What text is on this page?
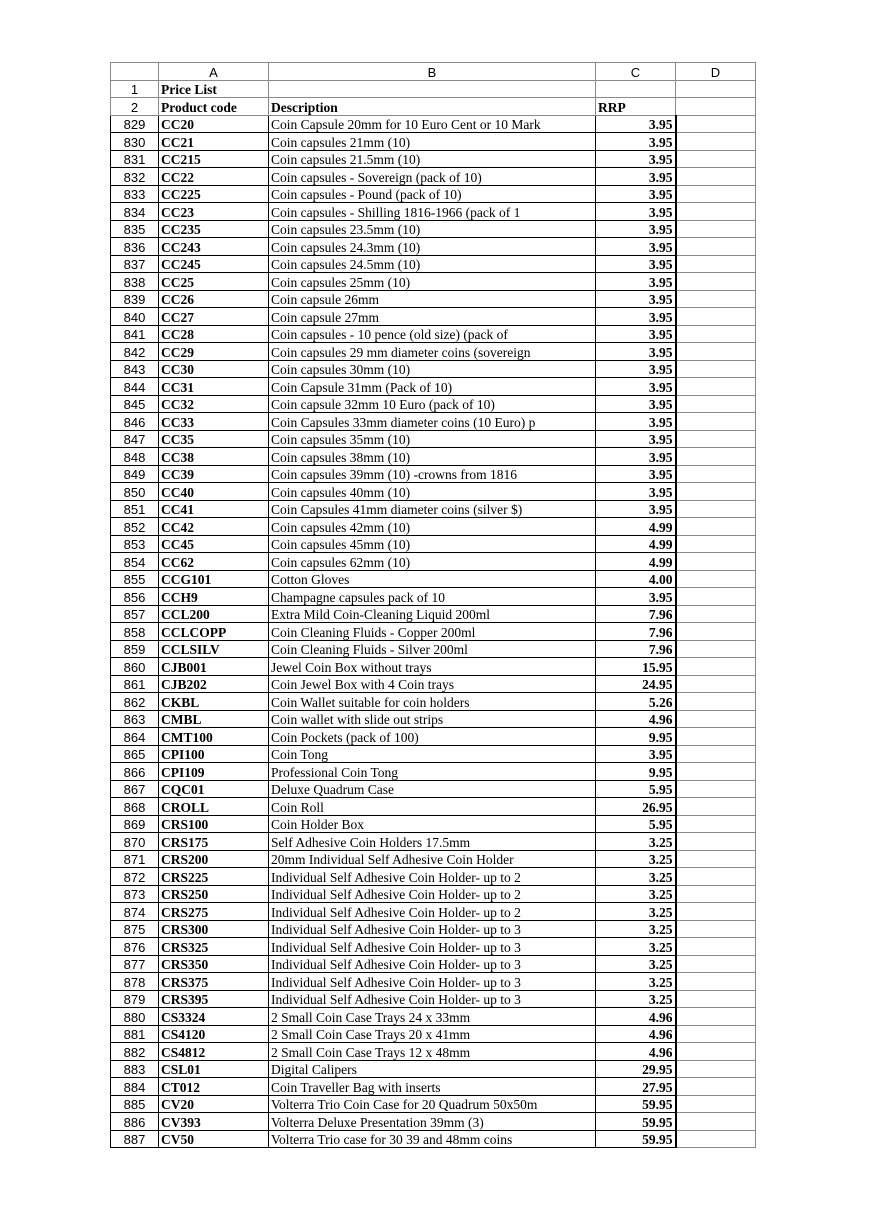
	A	B	C	D
1	Price List			
2	Product code	Description	RRP	
829	CC20	Coin Capsule 20mm for 10 Euro Cent or 10 Mark	3.95	
830	CC21	Coin capsules 21mm (10)	3.95	
831	CC215	Coin capsules 21.5mm (10)	3.95	
832	CC22	Coin capsules - Sovereign (pack of 10)	3.95	
833	CC225	Coin capsules - Pound (pack of 10)	3.95	
834	CC23	Coin capsules - Shilling 1816-1966 (pack of 1	3.95	
835	CC235	Coin capsules 23.5mm (10)	3.95	
836	CC243	Coin capsules 24.3mm (10)	3.95	
837	CC245	Coin capsules 24.5mm (10)	3.95	
838	CC25	Coin capsules 25mm (10)	3.95	
839	CC26	Coin capsule 26mm	3.95	
840	CC27	Coin capsule 27mm	3.95	
841	CC28	Coin capsules - 10 pence (old size) (pack of	3.95	
842	CC29	Coin capsules 29 mm diameter coins (sovereign	3.95	
843	CC30	Coin capsules 30mm (10)	3.95	
844	CC31	Coin Capsule 31mm (Pack of 10)	3.95	
845	CC32	Coin capsule 32mm 10 Euro (pack of 10)	3.95	
846	CC33	Coin Capsules 33mm diameter coins (10 Euro) p	3.95	
847	CC35	Coin capsules 35mm (10)	3.95	
848	CC38	Coin capsules 38mm (10)	3.95	
849	CC39	Coin capsules 39mm (10) -crowns from 1816	3.95	
850	CC40	Coin capsules 40mm (10)	3.95	
851	CC41	Coin Capsules 41mm diameter coins (silver $)	3.95	
852	CC42	Coin capsules 42mm (10)	4.99	
853	CC45	Coin capsules 45mm (10)	4.99	
854	CC62	Coin capsules 62mm (10)	4.99	
855	CCG101	Cotton Gloves	4.00	
856	CCH9	Champagne capsules pack of 10	3.95	
857	CCL200	Extra Mild Coin-Cleaning Liquid 200ml	7.96	
858	CCLCOPP	Coin Cleaning Fluids - Copper 200ml	7.96	
859	CCLSILV	Coin Cleaning Fluids - Silver 200ml	7.96	
860	CJB001	Jewel Coin Box without trays	15.95	
861	CJB202	Coin Jewel Box with 4 Coin trays	24.95	
862	CKBL	Coin Wallet suitable for coin holders	5.26	
863	CMBL	Coin wallet with slide out strips	4.96	
864	CMT100	Coin Pockets (pack of 100)	9.95	
865	CPI100	Coin Tong	3.95	
866	CPI109	Professional Coin Tong	9.95	
867	CQC01	Deluxe Quadrum Case	5.95	
868	CROLL	Coin Roll	26.95	
869	CRS100	Coin Holder Box	5.95	
870	CRS175	Self Adhesive Coin Holders 17.5mm	3.25	
871	CRS200	20mm Individual Self Adhesive Coin Holder	3.25	
872	CRS225	Individual Self Adhesive Coin Holder- up to 2	3.25	
873	CRS250	Individual Self Adhesive Coin Holder- up to 2	3.25	
874	CRS275	Individual Self Adhesive Coin Holder- up to 2	3.25	
875	CRS300	Individual Self Adhesive Coin Holder- up to 3	3.25	
876	CRS325	Individual Self Adhesive Coin Holder- up to 3	3.25	
877	CRS350	Individual Self Adhesive Coin Holder- up to 3	3.25	
878	CRS375	Individual Self Adhesive Coin Holder- up to 3	3.25	
879	CRS395	Individual Self Adhesive Coin Holder- up to 3	3.25	
880	CS3324	2 Small Coin Case Trays 24 x 33mm	4.96	
881	CS4120	2 Small Coin Case Trays 20 x 41mm	4.96	
882	CS4812	2 Small Coin Case Trays 12 x 48mm	4.96	
883	CSL01	Digital Calipers	29.95	
884	CT012	Coin Traveller Bag with inserts	27.95	
885	CV20	Volterra Trio Coin Case for 20 Quadrum 50x50m	59.95	
886	CV393	Volterra Deluxe Presentation 39mm (3)	59.95	
887	CV50	Volterra Trio case for 30 39 and 48mm coins	59.95	
